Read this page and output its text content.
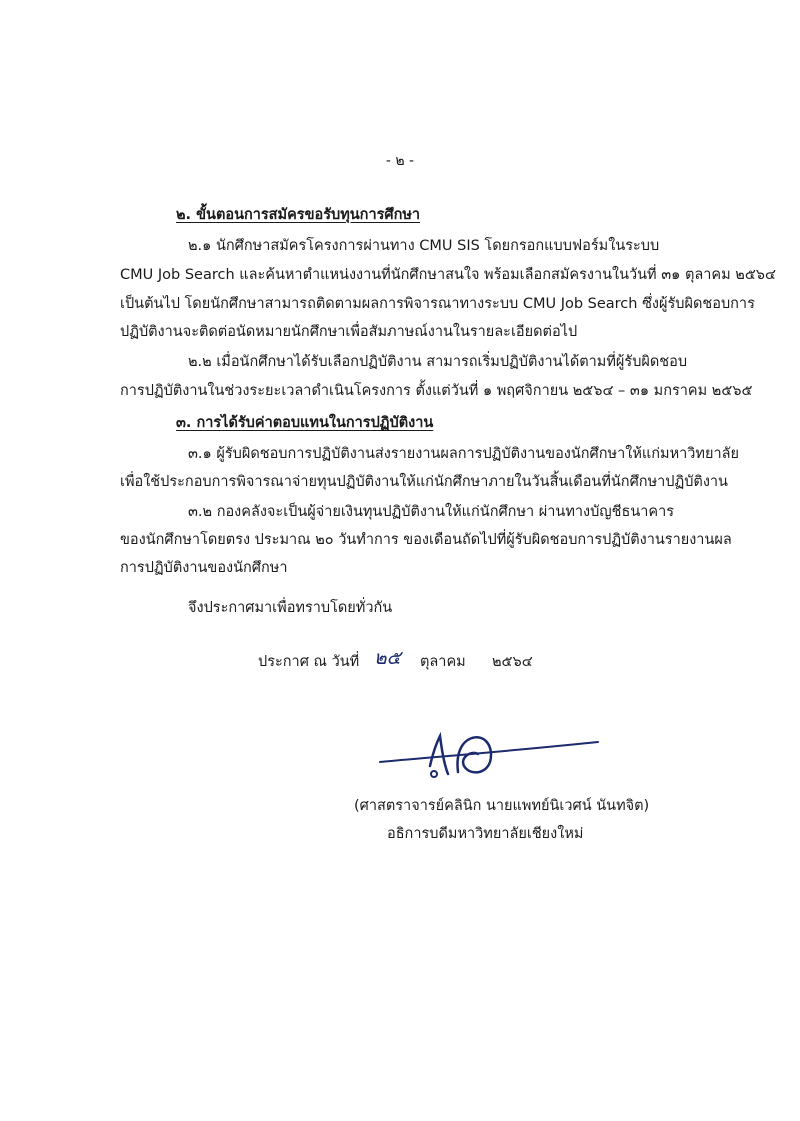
- ๒ -
๒. ขั้นตอนการสมัครขอรับทุนการศึกษา
๒.๑ นักศึกษาสมัครโครงการผ่านทาง CMU SIS โดยกรอกแบบฟอร์มในระบบ
CMU Job Search และค้นหาตำแหน่งงานที่นักศึกษาสนใจ พร้อมเลือกสมัครงานในวันที่ ๓๑ ตุลาคม ๒๕๖๔
เป็นต้นไป โดยนักศึกษาสามารถติดตามผลการพิจารณาทางระบบ CMU Job Search ซึ่งผู้รับผิดชอบการ
ปฏิบัติงานจะติดต่อนัดหมายนักศึกษาเพื่อสัมภาษณ์งานในรายละเอียดต่อไป
๒.๒ เมื่อนักศึกษาได้รับเลือกปฏิบัติงาน สามารถเริ่มปฏิบัติงานได้ตามที่ผู้รับผิดชอบ
การปฏิบัติงานในช่วงระยะเวลาดำเนินโครงการ ตั้งแต่วันที่ ๑ พฤศจิกายน ๒๕๖๔ – ๓๑ มกราคม ๒๕๖๕
๓. การได้รับค่าตอบแทนในการปฏิบัติงาน
๓.๑ ผู้รับผิดชอบการปฏิบัติงานส่งรายงานผลการปฏิบัติงานของนักศึกษาให้แก่มหาวิทยาลัย
เพื่อใช้ประกอบการพิจารณาจ่ายทุนปฏิบัติงานให้แก่นักศึกษาภายในวันสิ้นเดือนที่นักศึกษาปฏิบัติงาน
๓.๒ กองคลังจะเป็นผู้จ่ายเงินทุนปฏิบัติงานให้แก่นักศึกษา ผ่านทางบัญชีธนาคาร
ของนักศึกษาโดยตรง ประมาณ ๒๐ วันทำการ ของเดือนถัดไปที่ผู้รับผิดชอบการปฏิบัติงานรายงานผล
การปฏิบัติงานของนักศึกษา
จึงประกาศมาเพื่อทราบโดยทั่วกัน
ประกาศ ณ วันที่ ๒๕ ตุลาคม ๒๕๖๔
(ศาสตราจารย์คลินิก นายแพทย์นิเวศน์ นันทจิต)
อธิการบดีมหาวิทยาลัยเชียงใหม่
